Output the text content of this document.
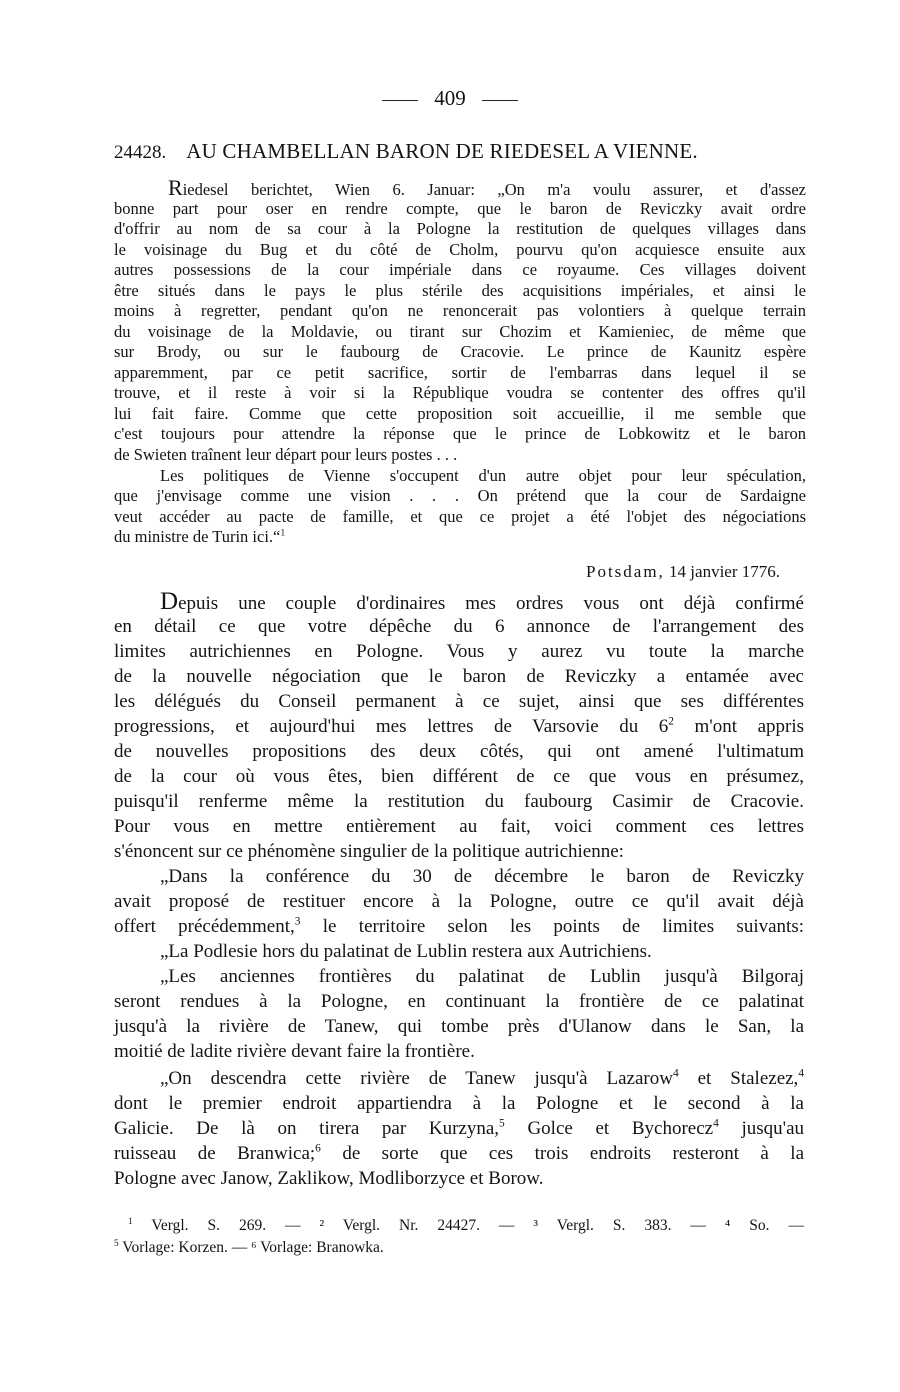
409
24428. AU CHAMBELLAN BARON DE RIEDESEL A VIENNE.
Riedesel berichtet, Wien 6. Januar: „On m'a voulu assurer, et d'assez
bonne part pour oser en rendre compte, que le baron de Reviczky avait ordre
d'offrir au nom de sa cour à la Pologne la restitution de quelques villages dans
le voisinage du Bug et du côté de Cholm, pourvu qu'on acquiesce ensuite aux
autres possessions de la cour impériale dans ce royaume. Ces villages doivent
être situés dans le pays le plus stérile des acquisitions impériales, et ainsi le
moins à regretter, pendant qu'on ne renoncerait pas volontiers à quelque terrain
du voisinage de la Moldavie, ou tirant sur Chozim et Kamieniec, de même que
sur Brody, ou sur le faubourg de Cracovie. Le prince de Kaunitz espère
apparemment, par ce petit sacrifice, sortir de l'embarras dans lequel il se
trouve, et il reste à voir si la République voudra se contenter des offres qu'il
lui fait faire. Comme que cette proposition soit accueillie, il me semble que
c'est toujours pour attendre la réponse que le prince de Lobkowitz et le baron
de Swieten traînent leur départ pour leurs postes . . .
Les politiques de Vienne s'occupent d'un autre objet pour leur spéculation,
que j'envisage comme une vision . . . On prétend que la cour de Sardaigne
veut accéder au pacte de famille, et que ce projet a été l'objet des négociations
du ministre de Turin ici.“$^1$
Potsdam, 14 janvier 1776.
Depuis une couple d'ordinaires mes ordres vous ont déjà confirmé
en détail ce que votre dépêche du 6 annonce de l'arrangement des
limites autrichiennes en Pologne. Vous y aurez vu toute la marche
de la nouvelle négociation que le baron de Reviczky a entamée avec
les délégués du Conseil permanent à ce sujet, ainsi que ses différentes
progressions, et aujourd'hui mes lettres de Varsovie du $6^2$ m'ont appris
de nouvelles propositions des deux côtés, qui ont amené l'ultimatum
de la cour où vous êtes, bien différent de ce que vous en présumez,
puisqu'il renferme même la restitution du faubourg Casimir de Cracovie.
Pour vous en mettre entièrement au fait, voici comment ces lettres
s'énoncent sur ce phénomène singulier de la politique autrichienne:
„Dans la conférence du 30 de décembre le baron de Reviczky
avait proposé de restituer encore à la Pologne, outre ce qu'il avait déjà
offert précédemment,$^3$ le territoire selon les points de limites suivants:
„La Podlesie hors du palatinat de Lublin restera aux Autrichiens.
„Les anciennes frontières du palatinat de Lublin jusqu'à Bilgoraj
seront rendues à la Pologne, en continuant la frontière de ce palatinat
jusqu'à la rivière de Tanew, qui tombe près d'Ulanow dans le San, la
moitié de ladite rivière devant faire la frontière.
„On descendra cette rivière de Tanew jusqu'à Lazarow$^4$ et Stalezez,$^4$
dont le premier endroit appartiendra à la Pologne et le second à la
Galicie. De là on tirera par Kurzyna,$^5$ Golce et Bychorecz$^4$ jusqu'au
ruisseau de Branwica;$^6$ de sorte que ces trois endroits resteront à la
Pologne avec Janow, Zaklikow, Modliborzyce et Borow.
$^1$ Vergl. S. 269. — ² Vergl. Nr. 24427. — ³ Vergl. S. 383. — ⁴ So. —
$^5$ Vorlage: Korzen. — ⁶ Vorlage: Branowka.
